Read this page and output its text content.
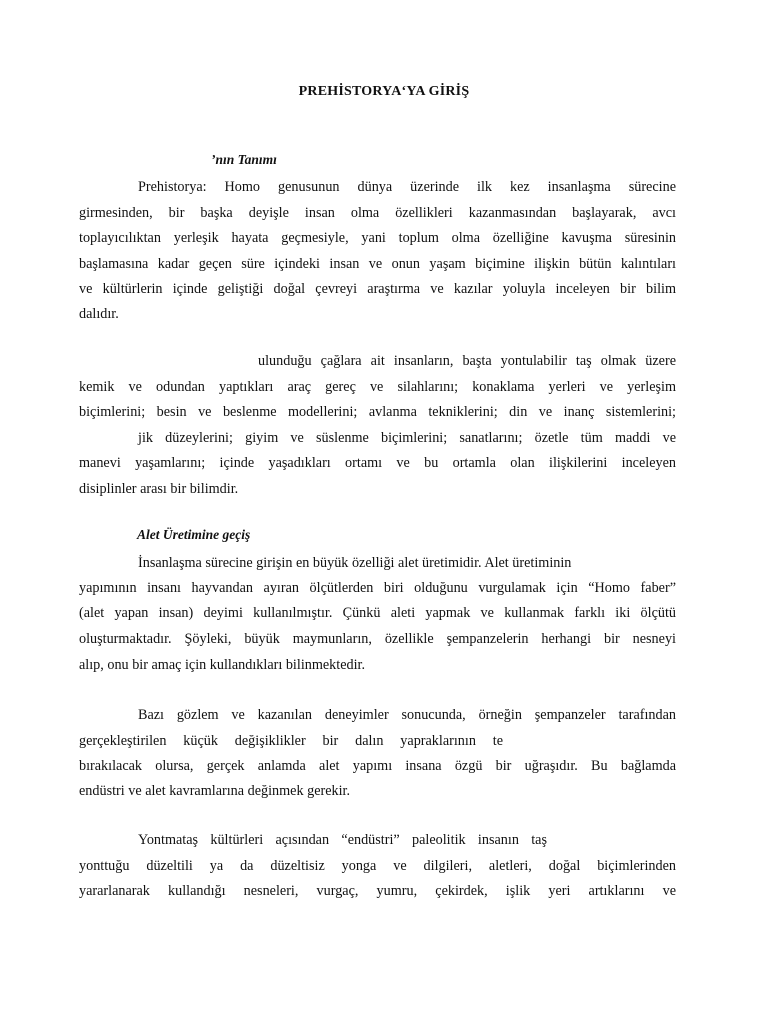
PREHİSTORYA‘YA GİRİŞ
’nın Tanımı
Prehistorya: Homo genusunun dünya üzerinde ilk kez insanlaşma sürecine
girmesinden, bir başka deyişle insan olma özellikleri kazanmasından başlayarak, avcı
toplayıcılıktan yerleşik hayata geçmesiyle, yani toplum olma özelliğine kavuşma süresinin
başlamasına kadar geçen süre içindeki insan ve onun yaşam biçimine ilişkin bütün kalıntıları
ve kültürlerin içinde geliştiği doğal çevreyi araştırma ve kazılar yoluyla inceleyen bir bilim
dalıdır.
ulunduğu çağlara ait insanların, başta yontulabilir taş olmak üzere
kemik ve odundan yaptıkları araç gereç ve silahlarını; konaklama yerleri ve yerleşim
biçimlerini; besin ve beslenme modellerini; avlanma tekniklerini; din ve inanç sistemlerini;
jik düzeylerini; giyim ve süslenme biçimlerini; sanatlarını; özetle tüm maddi ve
manevi yaşamlarını; içinde yaşadıkları ortamı ve bu ortamla olan ilişkilerini inceleyen
disiplinler arası bir bilimdir.
Alet Üretimine geçiş
İnsanlaşma sürecine girişin en büyük özelliği alet üretimidir. Alet üretiminin
yapımının insanı hayvandan ayıran ölçütlerden biri olduğunu vurgulamak için “Homo faber”
(alet yapan insan) deyimi kullanılmıştır. Çünkü aleti yapmak ve kullanmak farklı iki ölçütü
oluşturmaktadır. Şöyleki, büyük maymunların, özellikle şempanzelerin herhangi bir nesneyi
alıp, onu bir amaç için kullandıkları bilinmektedir.
Bazı gözlem ve kazanılan deneyimler sonucunda, örneğin şempanzeler tarafından
gerçekleştirilen küçük değişiklikler bir dalın yapraklarının te
bırakılacak olursa, gerçek anlamda alet yapımı insana özgü bir uğraşıdır. Bu bağlamda
endüstri ve alet kavramlarına değinmek gerekir.
Yontmataş kültürleri açısından “endüstri” paleolitik insanın taş
yonttuğu düzeltili ya da düzeltisiz yonga ve dilgileri, aletleri, doğal biçimlerinden
yararlanarak kullandığı nesneleri, vurgaç, yumru, çekirdek, işlik yeri artıklarını ve
